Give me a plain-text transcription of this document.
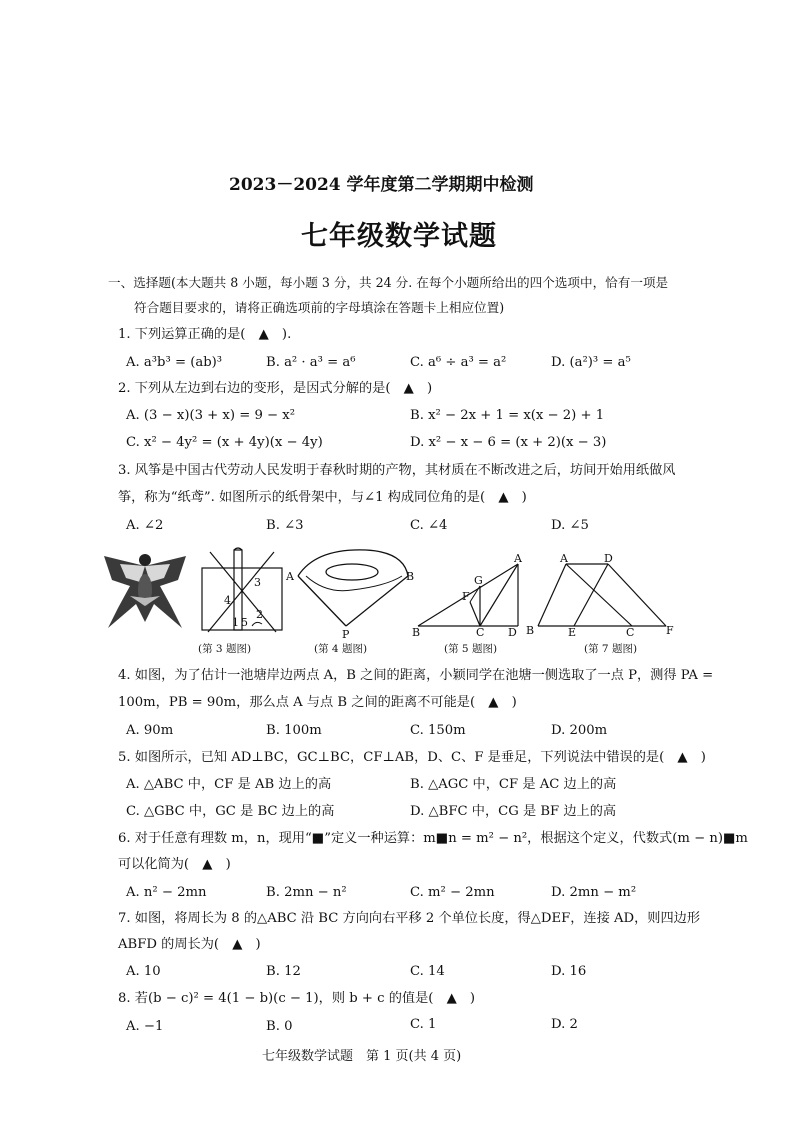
2023－2024 学年度第二学期期中检测
七年级数学试题
一、选择题(本大题共 8 小题，每小题 3 分，共 24 分. 在每个小题所给出的四个选项中，恰有一项是
符合题目要求的，请将正确选项前的字母填涂在答题卡上相应位置)
1. 下列运算正确的是(　▲　).
A. a³b³ = (ab)³	B. a² · a³ = a⁶	C. a⁶ ÷ a³ = a²	D. (a²)³ = a⁵
2. 下列从左边到右边的变形，是因式分解的是(　▲　)
A. (3 − x)(3 + x) = 9 − x²	B. x² − 2x + 1 = x(x − 2) + 1
C. x² − 4y² = (x + 4y)(x − 4y)	D. x² − x − 6 = (x + 2)(x − 3)
3. 风筝是中国古代劳动人民发明于春秋时期的产物，其材质在不断改进之后，坊间开始用纸做风
筝，称为“纸鸢”. 如图所示的纸骨架中，与∠1 构成同位角的是(　▲　)
A. ∠2	B. ∠3	C. ∠4	D. ∠5
3
4
2
1 5
A	B
P
A
G
F
B	C D
A	D
B	E	C	F
(第 3 题图)	(第 4 题图)	(第 5 题图)	(第 7 题图)
4. 如图，为了估计一池塘岸边两点 A，B 之间的距离，小颖同学在池塘一侧选取了一点 P，测得 PA =
100m，PB = 90m，那么点 A 与点 B 之间的距离不可能是(　▲　)
A. 90m	B. 100m	C. 150m	D. 200m
5. 如图所示，已知 AD⊥BC，GC⊥BC，CF⊥AB，D、C、F 是垂足，下列说法中错误的是(　▲　)
A. △ABC 中，CF 是 AB 边上的高	B. △AGC 中，CF 是 AC 边上的高
C. △GBC 中，GC 是 BC 边上的高	D. △BFC 中，CG 是 BF 边上的高
6. 对于任意有理数 m，n，现用“■”定义一种运算：m■n = m² − n²，根据这个定义，代数式(m − n)■m
可以化简为(　▲　)
A. n² − 2mn	B. 2mn − n²	C. m² − 2mn	D. 2mn − m²
7. 如图，将周长为 8 的△ABC 沿 BC 方向向右平移 2 个单位长度，得△DEF，连接 AD，则四边形
ABFD 的周长为(　▲　)
A. 10	B. 12	C. 14	D. 16
8. 若(b − c)² = 4(1 − b)(c − 1)，则 b + c 的值是(　▲　)
A. −1	B. 0	C. 1	D. 2
七年级数学试题　第 1 页(共 4 页)
